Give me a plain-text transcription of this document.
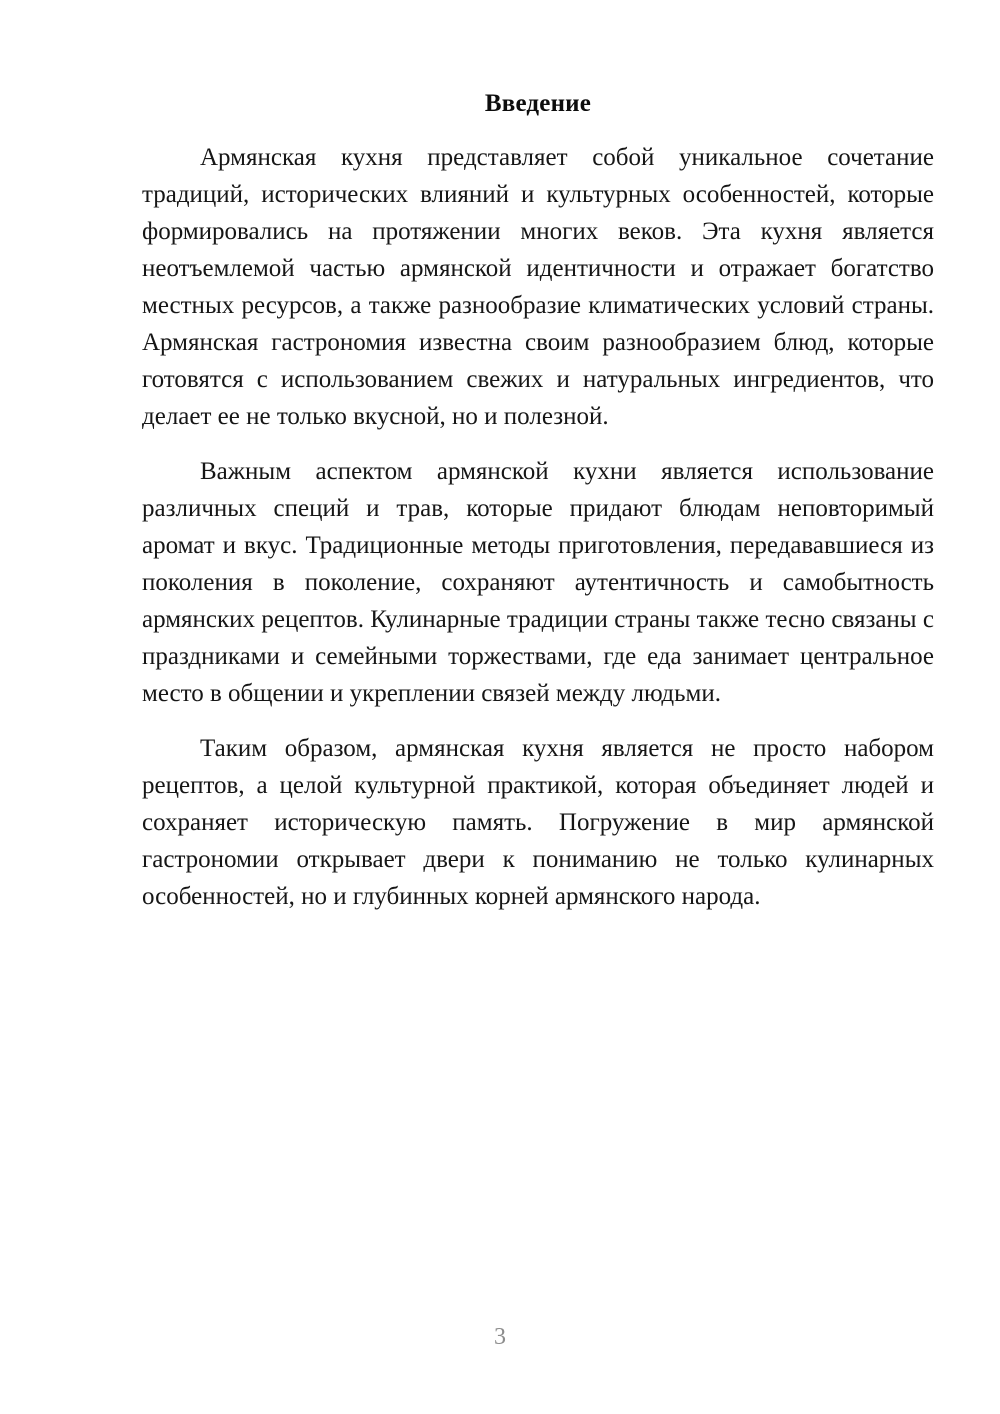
Введение

Армянская кухня представляет собой уникальное сочетание традиций, исторических влияний и культурных особенностей, которые формировались на протяжении многих веков. Эта кухня является неотъемлемой частью армянской идентичности и отражает богатство местных ресурсов, а также разнообразие климатических условий страны. Армянская гастрономия известна своим разнообразием блюд, которые готовятся с использованием свежих и натуральных ингредиентов, что делает ее не только вкусной, но и полезной.

Важным аспектом армянской кухни является использование различных специй и трав, которые придают блюдам неповторимый аромат и вкус. Традиционные методы приготовления, передававшиеся из поколения в поколение, сохраняют аутентичность и самобытность армянских рецептов. Кулинарные традиции страны также тесно связаны с праздниками и семейными торжествами, где еда занимает центральное место в общении и укреплении связей между людьми.

Таким образом, армянская кухня является не просто набором рецептов, а целой культурной практикой, которая объединяет людей и сохраняет историческую память. Погружение в мир армянской гастрономии открывает двери к пониманию не только кулинарных особенностей, но и глубинных корней армянского народа.

3
